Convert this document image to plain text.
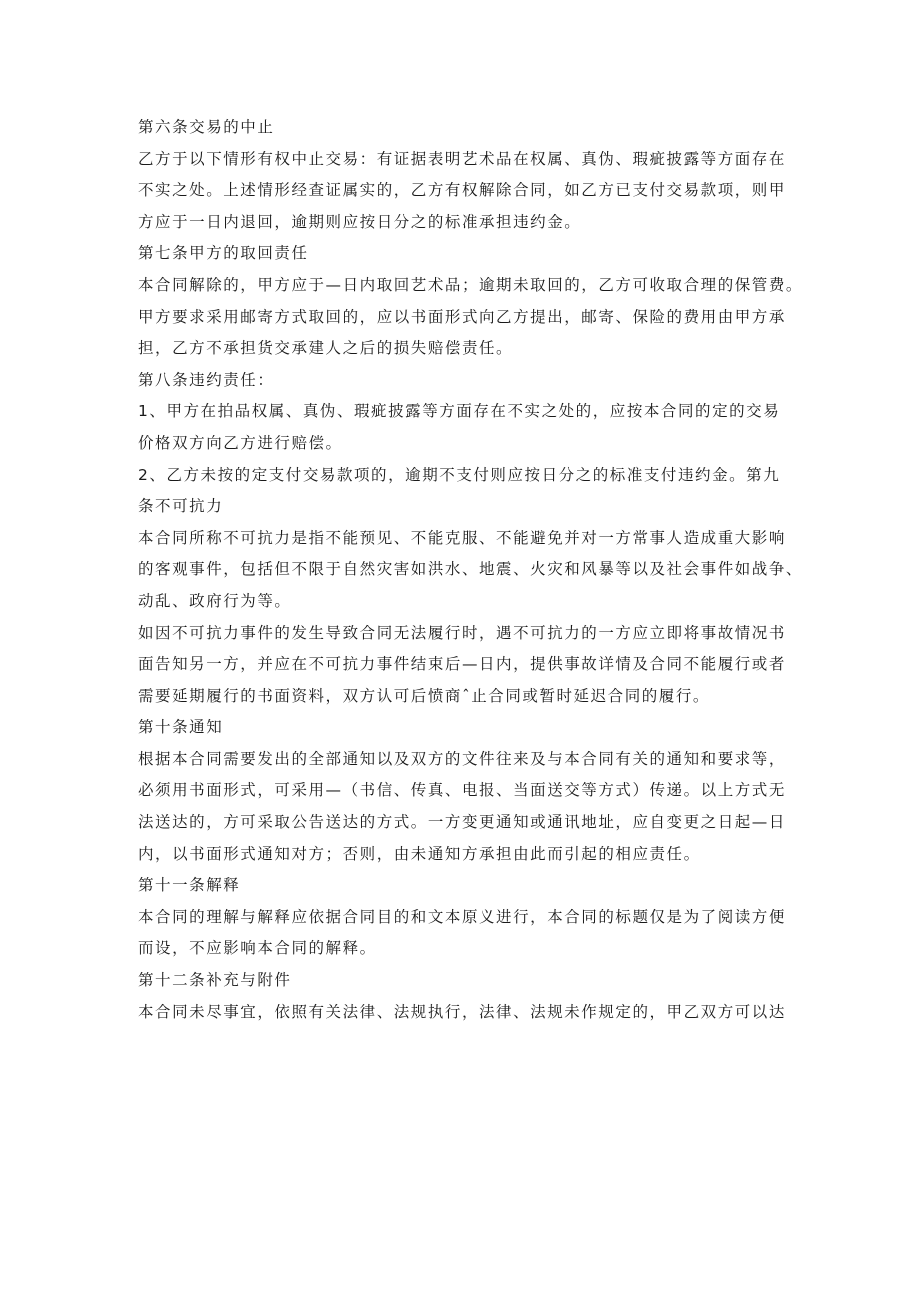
第六条交易的中止
乙方于以下情形有权中止交易：有证据表明艺术品在权属、真伪、瑕疵披露等方面存在
不实之处。上述情形经查证属实的，乙方有权解除合同，如乙方已支付交易款项，则甲
方应于一日内退回，逾期则应按日分之的标准承担违约金。
第七条甲方的取回责任
本合同解除的，甲方应于—日内取回艺术品；逾期未取回的，乙方可收取合理的保管费。
甲方要求采用邮寄方式取回的，应以书面形式向乙方提出，邮寄、保险的费用由甲方承
担，乙方不承担货交承建人之后的损失赔偿责任。
第八条违约责任：
1、甲方在拍品权属、真伪、瑕疵披露等方面存在不实之处的，应按本合同的定的交易
价格双方向乙方进行赔偿。
2、乙方未按的定支付交易款项的，逾期不支付则应按日分之的标准支付违约金。第九
条不可抗力
本合同所称不可抗力是指不能预见、不能克服、不能避免并对一方常事人造成重大影响
的客观事件，包括但不限于自然灾害如洪水、地震、火灾和风暴等以及社会事件如战争、
动乱、政府行为等。
如因不可抗力事件的发生导致合同无法履行时，遇不可抗力的一方应立即将事故情况书
面告知另一方，并应在不可抗力事件结束后—日内，提供事故详情及合同不能履行或者
需要延期履行的书面资料，双方认可后愤商ˆ止合同或暂时延迟合同的履行。
第十条通知
根据本合同需要发出的全部通知以及双方的文件往来及与本合同有关的通知和要求等，
必须用书面形式，可采用—（书信、传真、电报、当面送交等方式）传递。以上方式无
法送达的，方可采取公告送达的方式。一方变更通知或通讯地址，应自变更之日起—日
内，以书面形式通知对方；否则，由未通知方承担由此而引起的相应责任。
第十一条解释
本合同的理解与解释应依据合同目的和文本原义进行，本合同的标题仅是为了阅读方便
而设，不应影响本合同的解释。
第十二条补充与附件
本合同未尽事宜，依照有关法律、法规执行，法律、法规未作规定的，甲乙双方可以达
